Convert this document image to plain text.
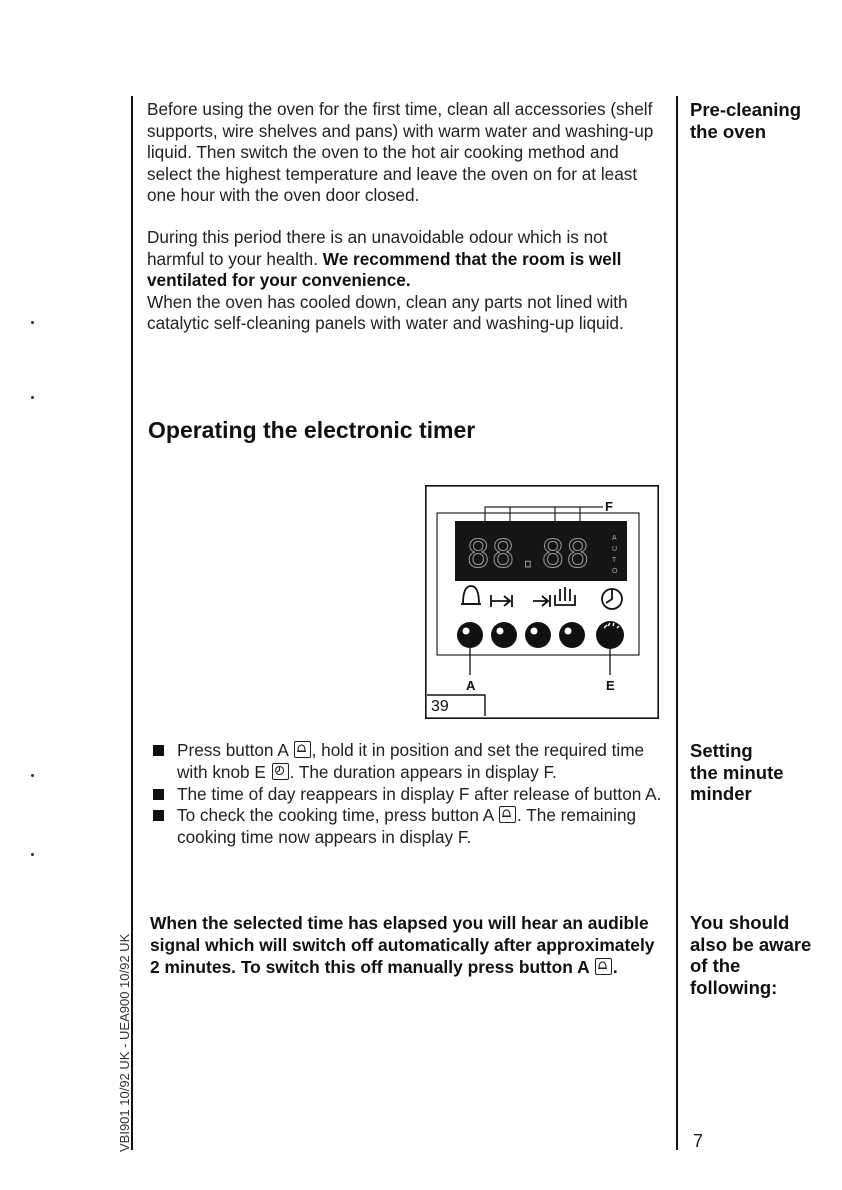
Pre-cleaning
the oven

Before using the oven for the first time, clean all accessories (shelf supports, wire shelves and pans) with warm water and washing-up liquid. Then switch the oven to the hot air cooking method and select the highest temperature and leave the oven on for at least one hour with the oven door closed.

During this period there is an unavoidable odour which is not harmful to your health. We recommend that the room is well ventilated for your convenience.

When the oven has cooled down, clean any parts not lined with catalytic self-cleaning panels with water and washing-up liquid.

Operating the electronic timer
88.88	A
U
T
O
F
A	E
39
Setting
the minute
minder
Press button A
, hold it in position and set the required time with knob E
. The duration appears in display F.
The time of day reappears in display F after release of button A.
To check the cooking time, press button A
. The remaining cooking time now appears in display F.
You should
also be aware
of the
following:

When the selected time has elapsed you will hear an audible signal which will switch off automatically after approximately 2 minutes. To switch this off manually press button A
.

VBI901 10/92 UK - UEA900 10/92 UK	7
